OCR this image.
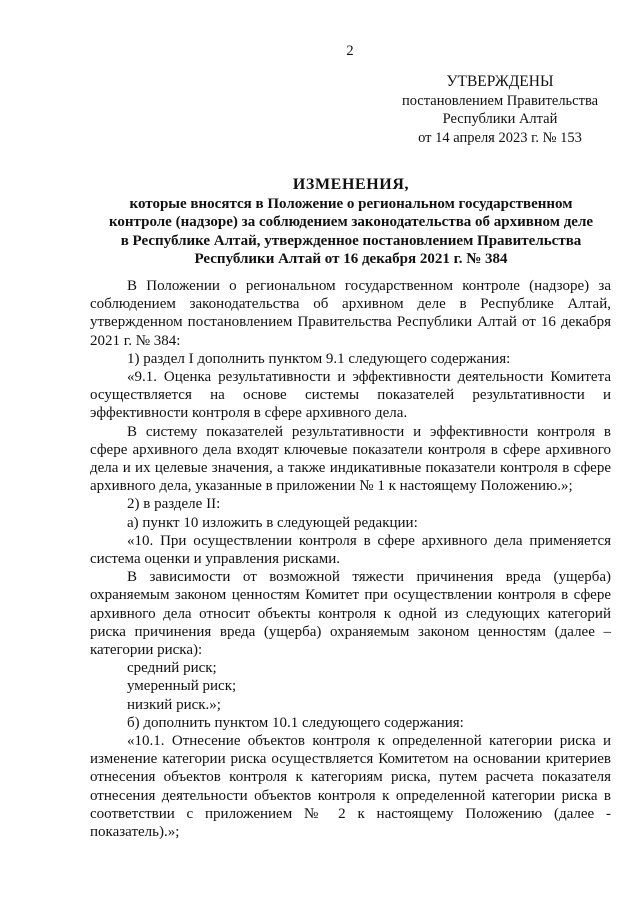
2
УТВЕРЖДЕНЫ
постановлением Правительства
Республики Алтай
от 14 апреля 2023 г. № 153
ИЗМЕНЕНИЯ,
которые вносятся в Положение о региональном государственном
контроле (надзоре) за соблюдением законодательства об архивном деле
в Республике Алтай, утвержденное постановлением Правительства
Республики Алтай от 16 декабря 2021 г. № 384

В Положении о региональном государственном контроле (надзоре) за соблюдением законодательства об архивном деле в Республике Алтай, утвержденном постановлением Правительства Республики Алтай от 16 декабря 2021 г. № 384:

1) раздел I дополнить пунктом 9.1 следующего содержания:

«9.1. Оценка результативности и эффективности деятельности Комитета осуществляется на основе системы показателей результативности и эффективности контроля в сфере архивного дела.

В систему показателей результативности и эффективности контроля в сфере архивного дела входят ключевые показатели контроля в сфере архивного дела и их целевые значения, а также индикативные показатели контроля в сфере архивного дела, указанные в приложении № 1 к настоящему Положению.»;

2) в разделе II:

а) пункт 10 изложить в следующей редакции:

«10. При осуществлении контроля в сфере архивного дела применяется система оценки и управления рисками.

В зависимости от возможной тяжести причинения вреда (ущерба) охраняемым законом ценностям Комитет при осуществлении контроля в сфере архивного дела относит объекты контроля к одной из следующих категорий риска причинения вреда (ущерба) охраняемым законом ценностям (далее – категории риска):

средний риск;

умеренный риск;

низкий риск.»;

б) дополнить пунктом 10.1 следующего содержания:

«10.1. Отнесение объектов контроля к определенной категории риска и изменение категории риска осуществляется Комитетом на основании критериев отнесения объектов контроля к категориям риска, путем расчета показателя отнесения деятельности объектов контроля к определенной категории риска в соответствии с приложением № 2 к настоящему Положению (далее - показатель).»;
